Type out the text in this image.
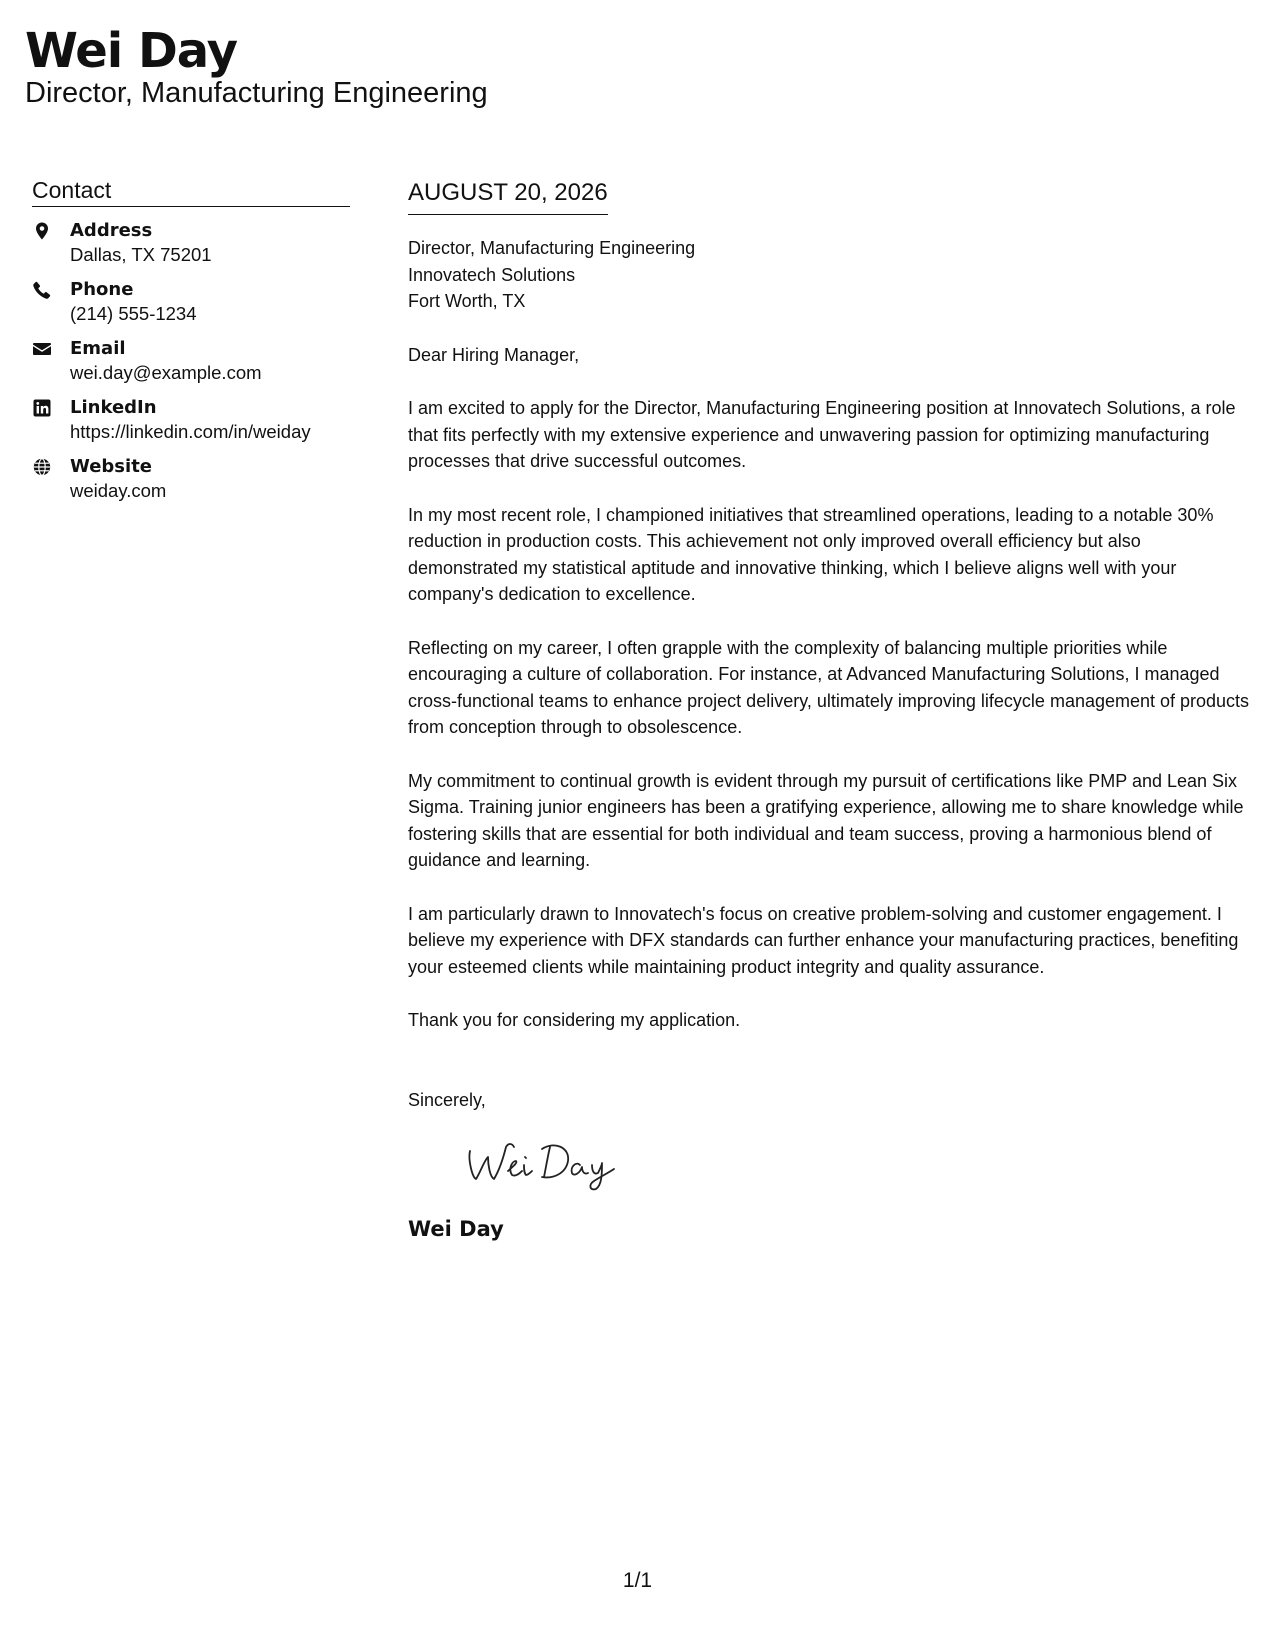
Wei Day
Director, Manufacturing Engineering
Contact
Address
Dallas, TX 75201
Phone
(214) 555-1234
Email
wei.day@example.com
LinkedIn
https://linkedin.com/in/weiday
Website
weiday.com
AUGUST 20, 2026
Director, Manufacturing Engineering
Innovatech Solutions
Fort Worth, TX
Dear Hiring Manager,
I am excited to apply for the Director, Manufacturing Engineering position at Innovatech Solutions, a role that fits perfectly with my extensive experience and unwavering passion for optimizing manufacturing processes that drive successful outcomes.
In my most recent role, I championed initiatives that streamlined operations, leading to a notable 30% reduction in production costs. This achievement not only improved overall efficiency but also demonstrated my statistical aptitude and innovative thinking, which I believe aligns well with your company's dedication to excellence.
Reflecting on my career, I often grapple with the complexity of balancing multiple priorities while encouraging a culture of collaboration. For instance, at Advanced Manufacturing Solutions, I managed cross-functional teams to enhance project delivery, ultimately improving lifecycle management of products from conception through to obsolescence.
My commitment to continual growth is evident through my pursuit of certifications like PMP and Lean Six Sigma. Training junior engineers has been a gratifying experience, allowing me to share knowledge while fostering skills that are essential for both individual and team success, proving a harmonious blend of guidance and learning.
I am particularly drawn to Innovatech's focus on creative problem-solving and customer engagement. I believe my experience with DFX standards can further enhance your manufacturing practices, benefiting your esteemed clients while maintaining product integrity and quality assurance.
Thank you for considering my application.
Sincerely,
Wei Day
1/1
